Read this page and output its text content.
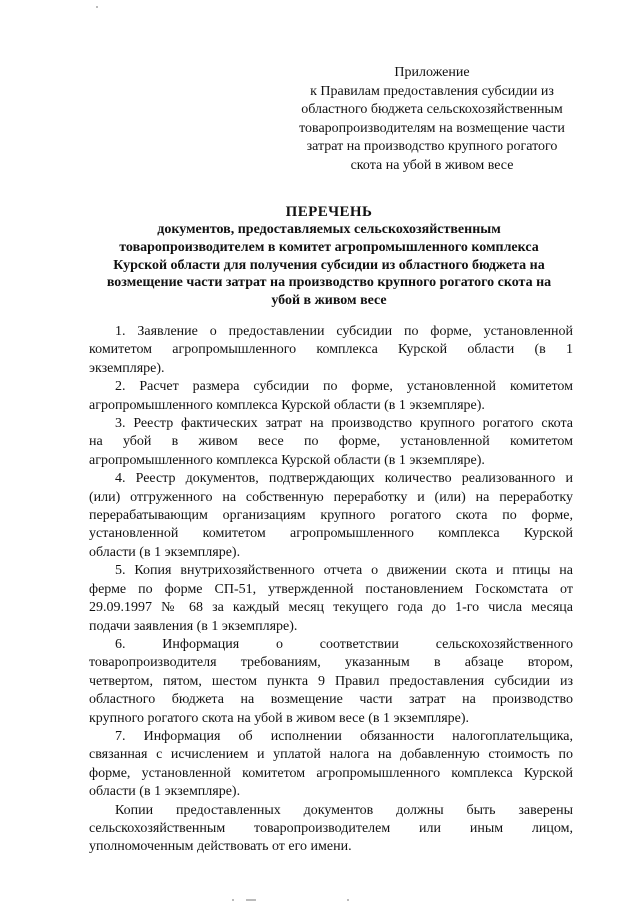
Приложение
к Правилам предоставления субсидии из
областного бюджета сельскохозяйственным
товаропроизводителям на возмещение части
затрат на производство крупного рогатого
скота на убой в живом весе
ПЕРЕЧЕНЬ
документов, предоставляемых сельскохозяйственным
товаропроизводителем в комитет агропромышленного комплекса
Курской области для получения субсидии из областного бюджета на
возмещение части затрат на производство крупного рогатого скота на
убой в живом весе
1. Заявление о предоставлении субсидии по форме, установленной
комитетом агропромышленного комплекса Курской области (в 1
экземпляре).
2. Расчет размера субсидии по форме, установленной комитетом
агропромышленного комплекса Курской области (в 1 экземпляре).
3. Реестр фактических затрат на производство крупного рогатого скота
на убой в живом весе по форме, установленной комитетом
агропромышленного комплекса Курской области (в 1 экземпляре).
4. Реестр документов, подтверждающих количество реализованного и
(или) отгруженного на собственную переработку и (или) на переработку
перерабатывающим организациям крупного рогатого скота по форме,
установленной комитетом агропромышленного комплекса Курской
области (в 1 экземпляре).
5. Копия внутрихозяйственного отчета о движении скота и птицы на
ферме по форме СП-51, утвержденной постановлением Госкомстата от
29.09.1997 № 68 за каждый месяц текущего года до 1-го числа месяца
подачи заявления (в 1 экземпляре).
6. Информация о соответствии сельскохозяйственного
товаропроизводителя требованиям, указанным в абзаце втором,
четвертом, пятом, шестом пункта 9 Правил предоставления субсидии из
областного бюджета на возмещение части затрат на производство
крупного рогатого скота на убой в живом весе (в 1 экземпляре).
7. Информация об исполнении обязанности налогоплательщика,
связанная с исчислением и уплатой налога на добавленную стоимость по
форме, установленной комитетом агропромышленного комплекса Курской
области (в 1 экземпляре).
Копии предоставленных документов должны быть заверены
сельскохозяйственным товаропроизводителем или иным лицом,
уполномоченным действовать от его имени.
